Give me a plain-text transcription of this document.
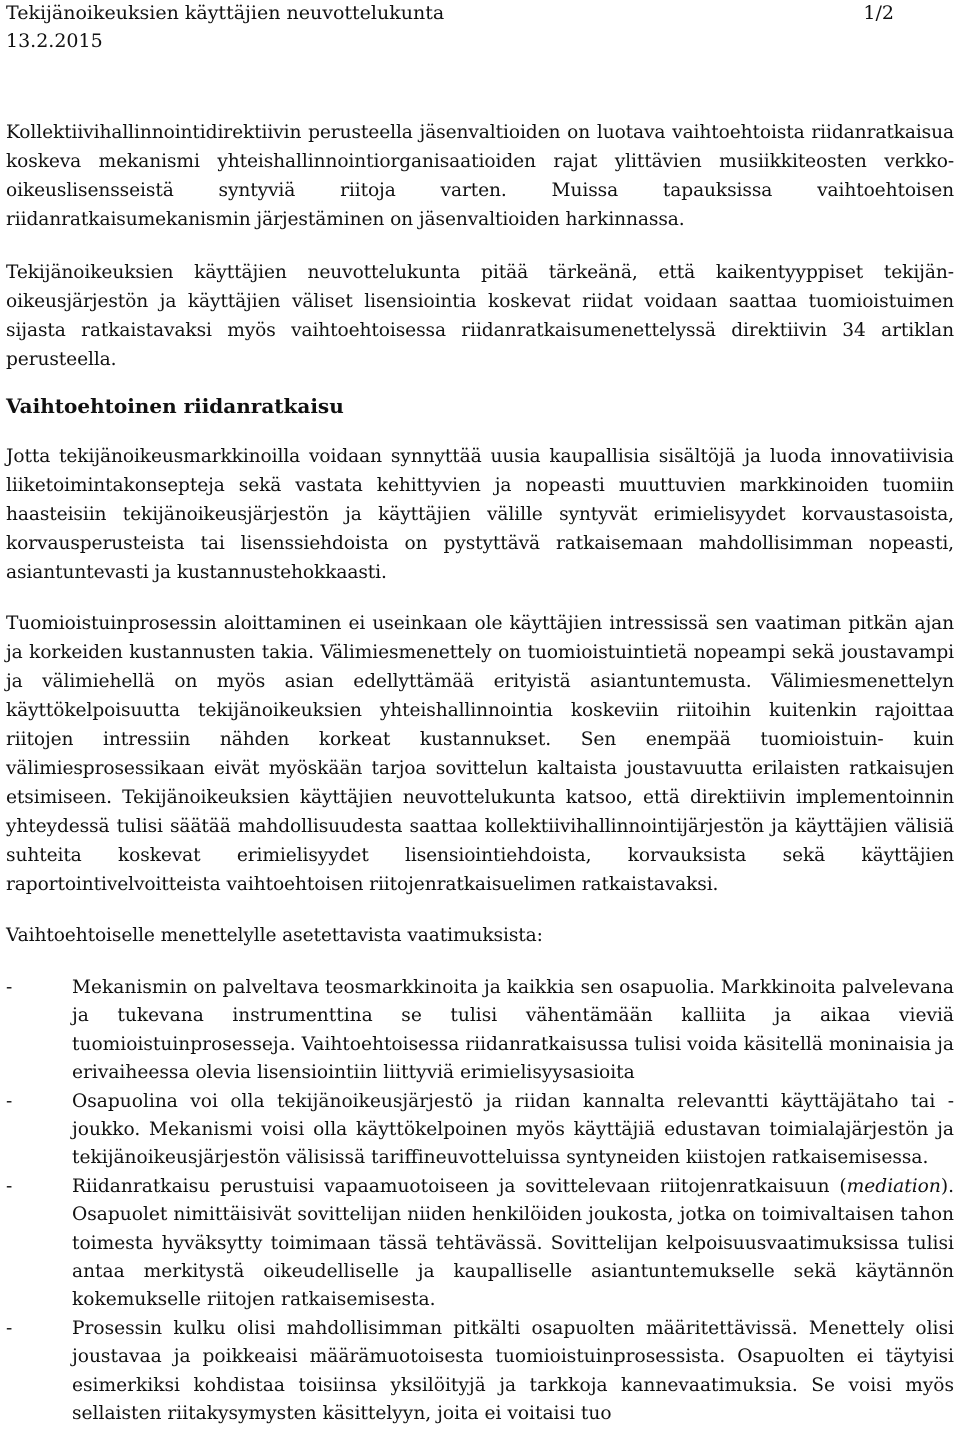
Tekijänoikeuksien käyttäjien neuvottelukunta	1/2
13.2.2015

Kollektiivihallinnointidirektiivin perusteella jäsenvaltioiden on luotava vaihtoehtoista riidanratkaisua koskeva mekanismi yhteishallinnointiorganisaatioiden rajat ylittävien musiikkiteosten verkko-oikeuslisensseistä syntyviä riitoja varten. Muissa tapauksissa vaihtoehtoisen riidanratkaisumekanismin järjestäminen on jäsenvaltioiden harkinnassa.

Tekijänoikeuksien käyttäjien neuvottelukunta pitää tärkeänä, että kaikentyyppiset tekijänoikeusjärjestön ja käyttäjien väliset lisensiointia koskevat riidat voidaan saattaa tuomioistuimen sijasta ratkaistavaksi myös vaihtoehtoisessa riidanratkaisumenettelyssä direktiivin 34 artiklan perusteella.

Vaihtoehtoinen riidanratkaisu

Jotta tekijänoikeusmarkkinoilla voidaan synnyttää uusia kaupallisia sisältöjä ja luoda innovatiivisia liiketoimintakonsepteja sekä vastata kehittyvien ja nopeasti muuttuvien markkinoiden tuomiin haasteisiin tekijänoikeusjärjestön ja käyttäjien välille syntyvät erimielisyydet korvaustasoista, korvausperusteista tai lisenssiehdoista on pystyttävä ratkaisemaan mahdollisimman nopeasti, asiantuntevasti ja kustannustehokkaasti.

Tuomioistuinprosessin aloittaminen ei useinkaan ole käyttäjien intressissä sen vaatiman pitkän ajan ja korkeiden kustannusten takia. Välimiesmenettely on tuomioistuintietä nopeampi sekä joustavampi ja välimiehellä on myös asian edellyttämää erityistä asiantuntemusta. Välimiesmenettelyn käyttökelpoisuutta tekijänoikeuksien yhteishallinnointia koskeviin riitoihin kuitenkin rajoittaa riitojen intressiin nähden korkeat kustannukset. Sen enempää tuomioistuin- kuin välimiesprosessikaan eivät myöskään tarjoa sovittelun kaltaista joustavuutta erilaisten ratkaisujen etsimiseen. Tekijänoikeuksien käyttäjien neuvottelukunta katsoo, että direktiivin implementoinnin yhteydessä tulisi säätää mahdollisuudesta saattaa kollektiivihallinnointijärjestön ja käyttäjien välisiä suhteita koskevat erimielisyydet lisensiointiehdoista, korvauksista sekä käyttäjien raportointivelvoitteista vaihtoehtoisen riitojenratkaisuelimen ratkaistavaksi.

Vaihtoehtoiselle menettelylle asetettavista vaatimuksista:

-	Mekanismin on palveltava teosmarkkinoita ja kaikkia sen osapuolia. Markkinoita palvelevana ja tukevana instrumenttina se tulisi vähentämään kalliita ja aikaa vieviä tuomioistuinprosesseja. Vaihtoehtoisessa riidanratkaisussa tulisi voida käsitellä moninaisia ja erivaiheessa olevia lisensiointiin liittyviä erimielisyysasioita
-	Osapuolina voi olla tekijänoikeusjärjestö ja riidan kannalta relevantti käyttäjätaho tai -joukko. Mekanismi voisi olla käyttökelpoinen myös käyttäjiä edustavan toimialajärjestön ja tekijänoikeusjärjestön välisissä tariffineuvotteluissa syntyneiden kiistojen ratkaisemisessa.
-	Riidanratkaisu perustuisi vapaamuotoiseen ja sovittelevaan riitojenratkaisuun (mediation). Osapuolet nimittäisivät sovittelijan niiden henkilöiden joukosta, jotka on toimivaltaisen tahon toimesta hyväksytty toimimaan tässä tehtävässä. Sovittelijan kelpoisuusvaatimuksissa tulisi antaa merkitystä oikeudelliselle ja kaupalliselle asiantuntemukselle sekä käytännön kokemukselle riitojen ratkaisemisesta.
-	Prosessin kulku olisi mahdollisimman pitkälti osapuolten määritettävissä. Menettely olisi joustavaa ja poikkeaisi määrämuotoisesta tuomioistuinprosessista. Osapuolten ei täytyisi esimerkiksi kohdistaa toisiinsa yksilöityjä ja tarkkoja kannevaatimuksia. Se voisi myös sellaisten riitakysymysten käsittelyyn, joita ei voitaisi tuo
